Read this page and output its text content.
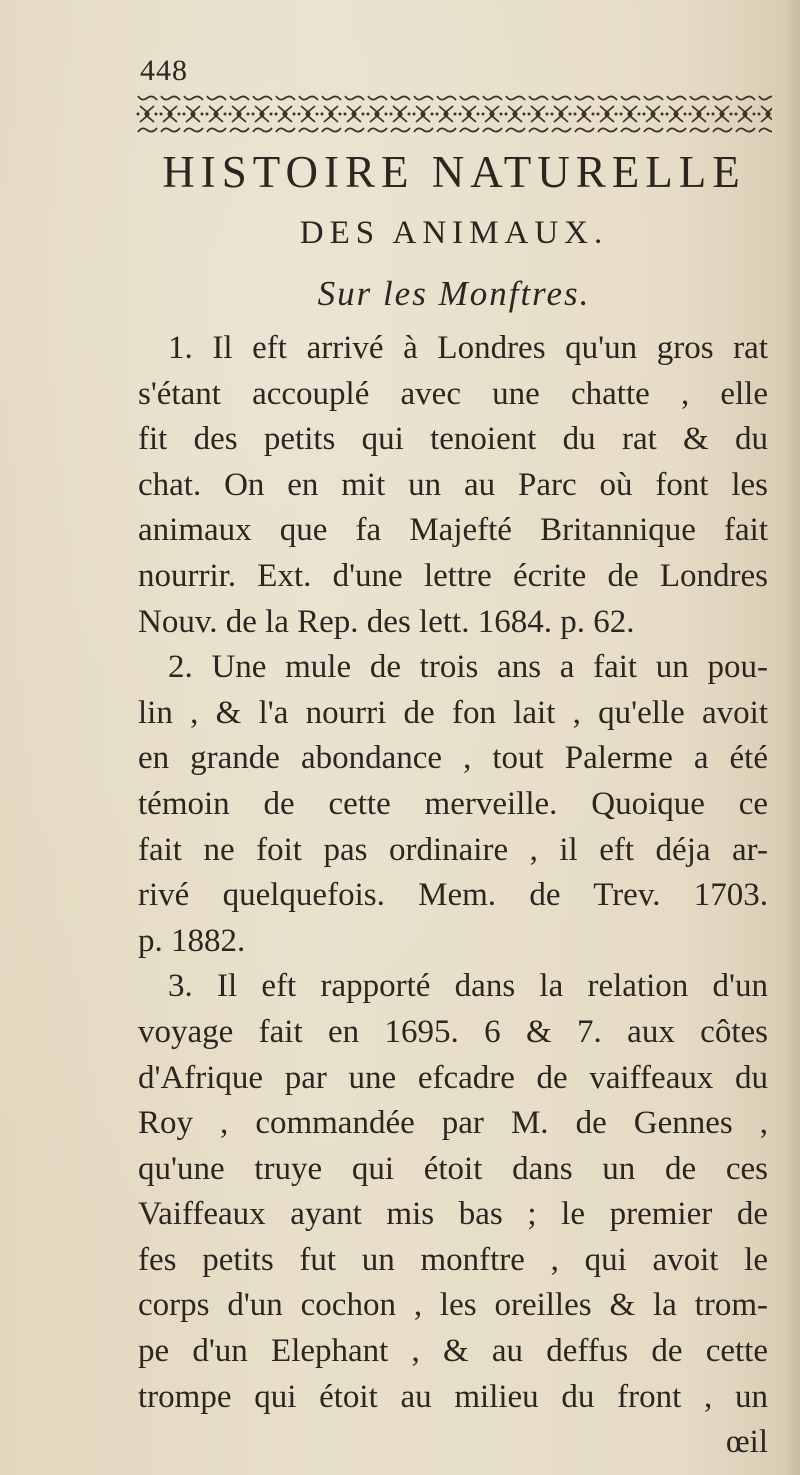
448
HISTOIRE NATURELLE
DES ANIMAUX.
Sur les Monftres.
1. Il eft arrivé à Londres qu'un gros rat
s'étant accouplé avec une chatte , elle
fit des petits qui tenoient du rat & du
chat. On en mit un au Parc où font les
animaux que fa Majefté Britannique fait
nourrir. Ext. d'une lettre écrite de Londres
Nouv. de la Rep. des lett. 1684. p. 62.
2. Une mule de trois ans a fait un pou-
lin , & l'a nourri de fon lait , qu'elle avoit
en grande abondance , tout Palerme a été
témoin de cette merveille. Quoique ce
fait ne foit pas ordinaire , il eft déja ar-
rivé quelquefois. Mem. de Trev. 1703.
p. 1882.
3. Il eft rapporté dans la relation d'un
voyage fait en 1695. 6 & 7. aux côtes
d'Afrique par une efcadre de vaiffeaux du
Roy , commandée par M. de Gennes ,
qu'une truye qui étoit dans un de ces
Vaiffeaux ayant mis bas ; le premier de
fes petits fut un monftre , qui avoit le
corps d'un cochon , les oreilles & la trom-
pe d'un Elephant , & au deffus de cette
trompe qui étoit au milieu du front , un
œil
